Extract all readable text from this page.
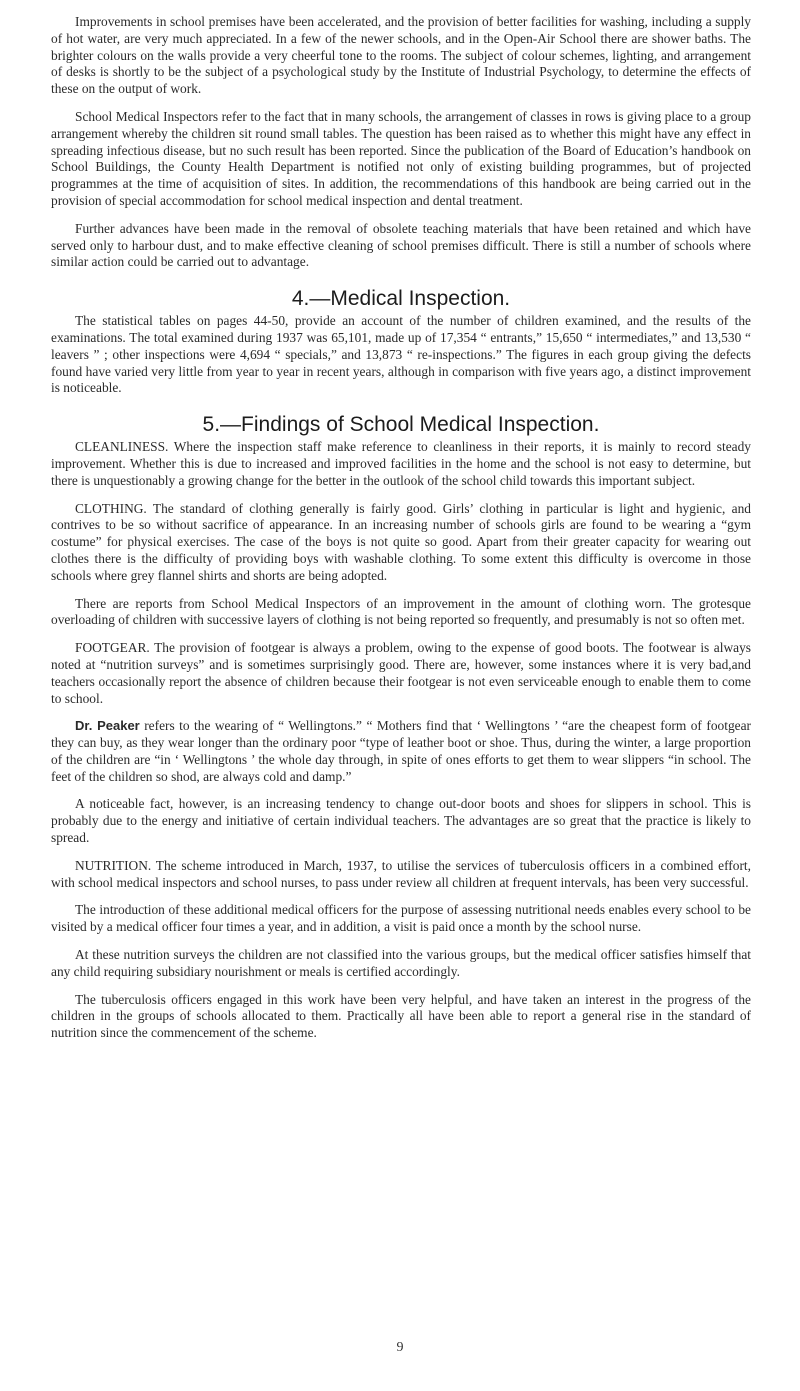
Improvements in school premises have been accelerated, and the provision of better facilities for washing, including a supply of hot water, are very much appreciated. In a few of the newer schools, and in the Open-Air School there are shower baths. The brighter colours on the walls provide a very cheerful tone to the rooms. The subject of colour schemes, lighting, and arrangement of desks is shortly to be the subject of a psychological study by the Institute of Industrial Psychology, to determine the effects of these on the output of work.

School Medical Inspectors refer to the fact that in many schools, the arrangement of classes in rows is giving place to a group arrangement whereby the children sit round small tables. The question has been raised as to whether this might have any effect in spreading infectious disease, but no such result has been reported. Since the publication of the Board of Education’s handbook on School Buildings, the County Health Department is notified not only of existing building programmes, but of projected programmes at the time of acquisition of sites. In addition, the recommendations of this handbook are being carried out in the provision of special accommodation for school medical inspection and dental treatment.

Further advances have been made in the removal of obsolete teaching materials that have been retained and which have served only to harbour dust, and to make effective cleaning of school premises difficult. There is still a number of schools where similar action could be carried out to advantage.

4.—Medical Inspection.

The statistical tables on pages 44-50, provide an account of the number of children examined, and the results of the examinations. The total examined during 1937 was 65,101, made up of 17,354 “ entrants,” 15,650 “ intermediates,” and 13,530 “ leavers ” ; other inspections were 4,694 “ specials,” and 13,873 “ re-inspections.” The figures in each group giving the defects found have varied very little from year to year in recent years, although in comparison with five years ago, a distinct improvement is noticeable.

5.—Findings of School Medical Inspection.

CLEANLINESS. Where the inspection staff make reference to cleanliness in their reports, it is mainly to record steady improvement. Whether this is due to increased and improved facilities in the home and the school is not easy to determine, but there is unquestionably a growing change for the better in the outlook of the school child towards this important subject.

CLOTHING. The standard of clothing generally is fairly good. Girls’ clothing in particular is light and hygienic, and contrives to be so without sacrifice of appearance. In an increasing number of schools girls are found to be wearing a “gym costume” for physical exercises. The case of the boys is not quite so good. Apart from their greater capacity for wearing out clothes there is the difficulty of providing boys with washable clothing. To some extent this difficulty is overcome in those schools where grey flannel shirts and shorts are being adopted.

There are reports from School Medical Inspectors of an improvement in the amount of clothing worn. The grotesque overloading of children with successive layers of clothing is not being reported so frequently, and presumably is not so often met.

FOOTGEAR. The provision of footgear is always a problem, owing to the expense of good boots. The footwear is always noted at “nutrition surveys” and is sometimes surprisingly good. There are, however, some instances where it is very bad,and teachers occasionally report the absence of children because their footgear is not even serviceable enough to enable them to come to school.

Dr. Peaker refers to the wearing of “ Wellingtons.” “ Mothers find that ‘ Wellingtons ’ “are the cheapest form of footgear they can buy, as they wear longer than the ordinary poor “type of leather boot or shoe. Thus, during the winter, a large proportion of the children are “in ‘ Wellingtons ’ the whole day through, in spite of ones efforts to get them to wear slippers “in school. The feet of the children so shod, are always cold and damp.”

A noticeable fact, however, is an increasing tendency to change out-door boots and shoes for slippers in school. This is probably due to the energy and initiative of certain individual teachers. The advantages are so great that the practice is likely to spread.

NUTRITION. The scheme introduced in March, 1937, to utilise the services of tuberculosis officers in a combined effort, with school medical inspectors and school nurses, to pass under review all children at frequent intervals, has been very successful.

The introduction of these additional medical officers for the purpose of assessing nutritional needs enables every school to be visited by a medical officer four times a year, and in addition, a visit is paid once a month by the school nurse.

At these nutrition surveys the children are not classified into the various groups, but the medical officer satisfies himself that any child requiring subsidiary nourishment or meals is certified accordingly.

The tuberculosis officers engaged in this work have been very helpful, and have taken an interest in the progress of the children in the groups of schools allocated to them. Practically all have been able to report a general rise in the standard of nutrition since the commencement of the scheme.

9
